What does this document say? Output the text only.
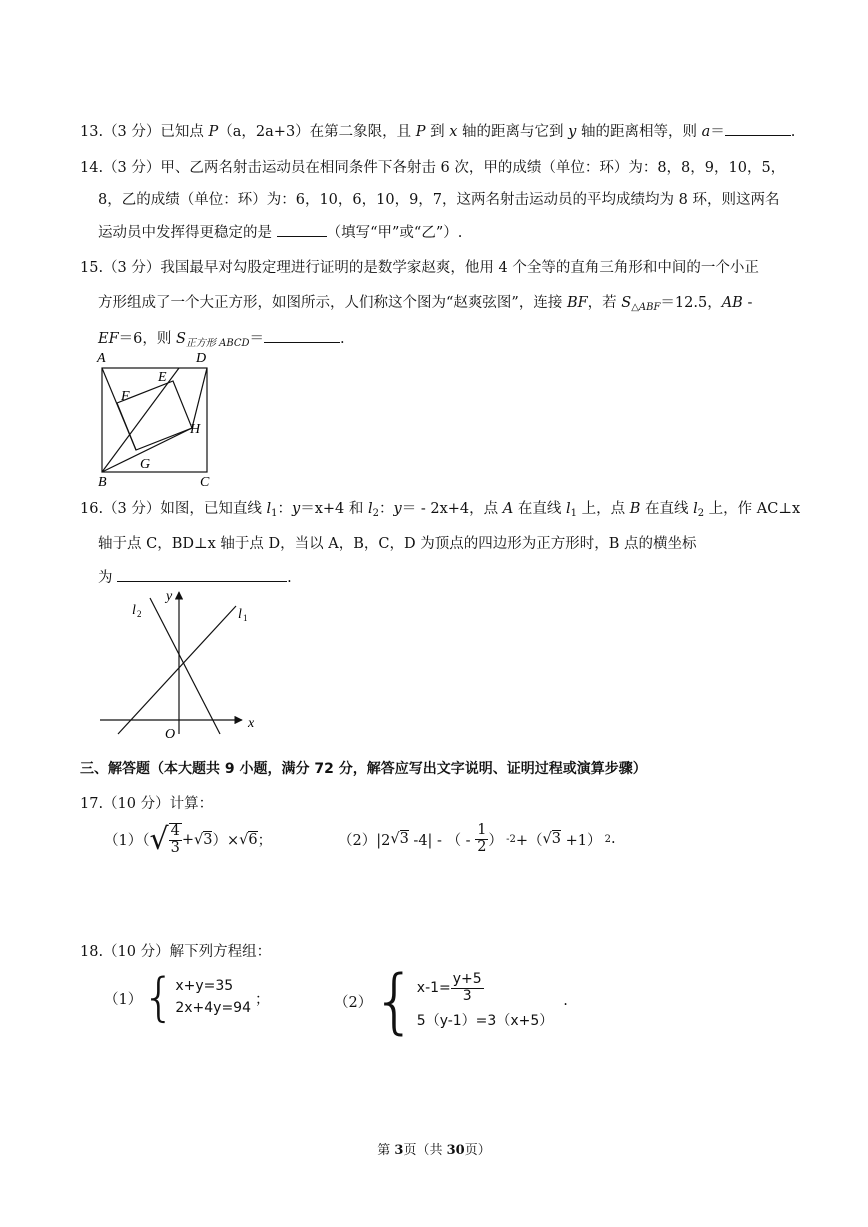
13.（3 分）已知点 P（a，2a+3）在第二象限，且 P 到 x 轴的距离与它到 y 轴的距离相等，则 a＝	.
14.（3 分）甲、乙两名射击运动员在相同条件下各射击 6 次，甲的成绩（单位：环）为：8，8，9，10，5，
8，乙的成绩（单位：环）为：6，10，6，10，9，7，这两名射击运动员的平均成绩均为 8 环，则这两名
运动员中发挥得更稳定的是	（填写“甲”或“乙”）.
15.（3 分）我国最早对勾股定理进行证明的是数学家赵爽，他用 4 个全等的直角三角形和中间的一个小正
方形组成了一个大正方形，如图所示，人们称这个图为“赵爽弦图”，连接 BF，若 $S_{\triangle ABF}=12.5$，AB -
EF＝6，则 $S_{正方形 ABCD}=$	.
A	D
E
F
H
G
B	C
16.（3 分）如图，已知直线 $l_1$：y＝x+4 和 $l_2$：y＝ - 2x+4，点 A 在直线 $l_1$ 上，点 B 在直线 $l_2$ 上，作 AC⊥x
轴于点 C，BD⊥x 轴于点 D，当以 A，B，C，D 为顶点的四边形为正方形时，B 点的横坐标
为	.
y
x
O
l 2	l 1
三、解答题（本大题共 9 小题，满分 72 分，解答应写出文字说明、证明过程或演算步骤）
17.（10 分）计算：
（1）（ √ $\frac{4}{3} + √3$ ）× √6 ；	（2）|2 √3 -4| - （ - $\frac{1}{2}$ ） -2 +（ √3 +1） 2 .
18.（10 分）解下列方程组：
（1） { x+y=35
2x+4y=94
；	（2） { $x-1= \frac{y+5}{3}$
5（y-1）=3（x+5）
.
第 3页（共 30页）
